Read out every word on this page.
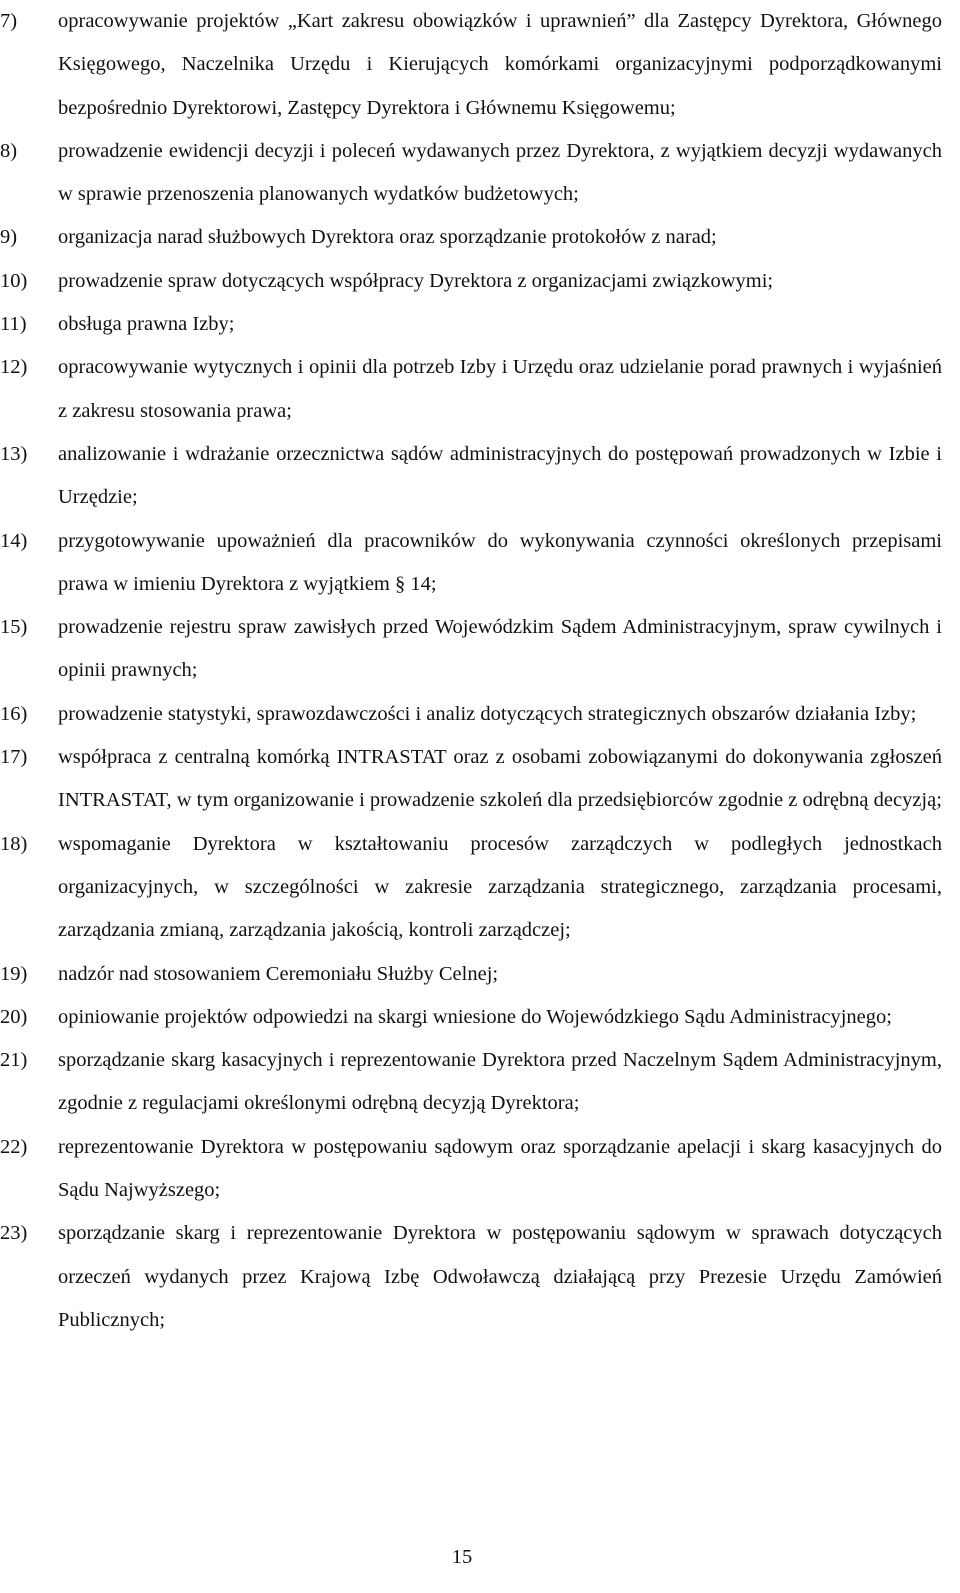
7)	opracowywanie projektów „Kart zakresu obowiązków i uprawnień” dla Zastępcy Dyrektora, Głównego Księgowego, Naczelnika Urzędu i Kierujących komórkami organizacyjnymi podporządkowanymi bezpośrednio Dyrektorowi, Zastępcy Dyrektora i Głównemu Księgowemu;
8)	prowadzenie ewidencji decyzji i poleceń wydawanych przez Dyrektora, z wyjątkiem decyzji wydawanych w sprawie przenoszenia planowanych wydatków budżetowych;
9)	organizacja narad służbowych Dyrektora oraz sporządzanie protokołów z narad;
10)	prowadzenie spraw dotyczących współpracy Dyrektora z organizacjami związkowymi;
11)	obsługa prawna Izby;
12)	opracowywanie wytycznych i opinii dla potrzeb Izby i Urzędu oraz udzielanie porad prawnych i wyjaśnień z zakresu stosowania prawa;
13)	analizowanie i wdrażanie orzecznictwa sądów administracyjnych do postępowań prowadzonych w Izbie i Urzędzie;
14)	przygotowywanie upoważnień dla pracowników do wykonywania czynności określonych przepisami prawa w imieniu Dyrektora z wyjątkiem § 14;
15)	prowadzenie rejestru spraw zawisłych przed Wojewódzkim Sądem Administracyjnym, spraw cywilnych i opinii prawnych;
16)	prowadzenie statystyki, sprawozdawczości i analiz dotyczących strategicznych obszarów działania Izby;
17)	współpraca z centralną komórką INTRASTAT oraz z osobami zobowiązanymi do dokonywania zgłoszeń INTRASTAT, w tym organizowanie i prowadzenie szkoleń dla przedsiębiorców zgodnie z odrębną decyzją;
18)	wspomaganie Dyrektora w kształtowaniu procesów zarządczych w podległych jednostkach organizacyjnych, w szczególności w zakresie zarządzania strategicznego, zarządzania procesami, zarządzania zmianą, zarządzania jakością, kontroli zarządczej;
19)	nadzór nad stosowaniem Ceremoniału Służby Celnej;
20)	opiniowanie projektów odpowiedzi na skargi wniesione do Wojewódzkiego Sądu Administracyjnego;
21)	sporządzanie skarg kasacyjnych i reprezentowanie Dyrektora przed Naczelnym Sądem Administracyjnym, zgodnie z regulacjami określonymi odrębną decyzją Dyrektora;
22)	reprezentowanie Dyrektora w postępowaniu sądowym oraz sporządzanie apelacji i skarg kasacyjnych do Sądu Najwyższego;
23)	sporządzanie skarg i reprezentowanie Dyrektora w postępowaniu sądowym w sprawach dotyczących orzeczeń wydanych przez Krajową Izbę Odwoławczą działającą przy Prezesie Urzędu Zamówień Publicznych;
15
